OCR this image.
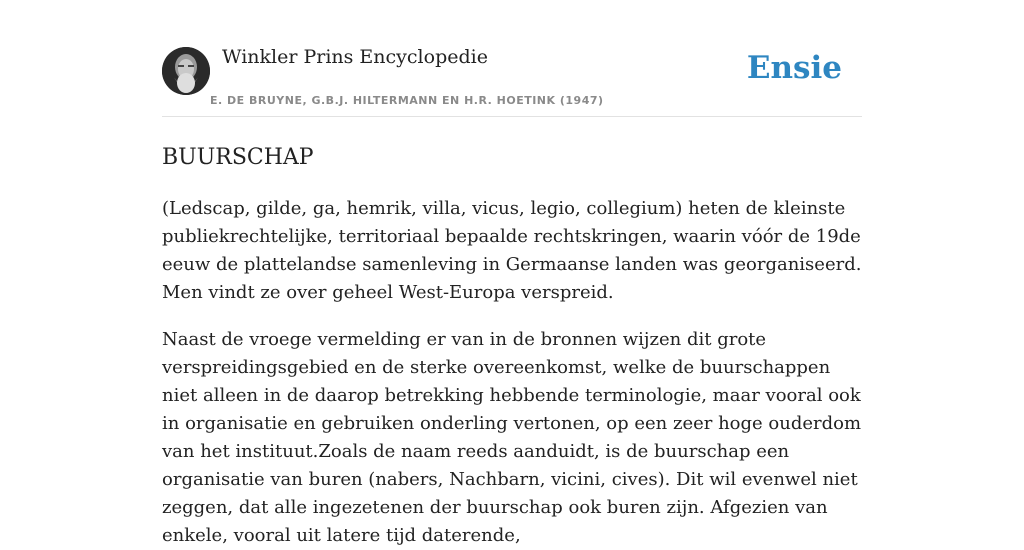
Winkler Prins Encyclopedie
E. DE BRUYNE, G.B.J. HILTERMANN EN H.R. HOETINK (1947)
Ensie
BUURSCHAP

(Ledscap, gilde, ga, hemrik, villa, vicus, legio, collegium) heten de kleinste publiekrechtelijke, territoriaal bepaalde rechtskringen, waarin vóór de 19de eeuw de plattelandse samenleving in Germaanse landen was georganiseerd. Men vindt ze over geheel West-Europa verspreid.

Naast de vroege vermelding er van in de bronnen wijzen dit grote verspreidingsgebied en de sterke overeenkomst, welke de buurschappen niet alleen in de daarop betrekking hebbende terminologie, maar vooral ook in organisatie en gebruiken onderling vertonen, op een zeer hoge ouderdom van het instituut.Zoals de naam reeds aanduidt, is de buurschap een organisatie van buren (nabers, Nachbarn, vicini, cives). Dit wil evenwel niet zeggen, dat alle ingezetenen der buurschap ook buren zijn. Afgezien van enkele, vooral uit latere tijd daterende,
